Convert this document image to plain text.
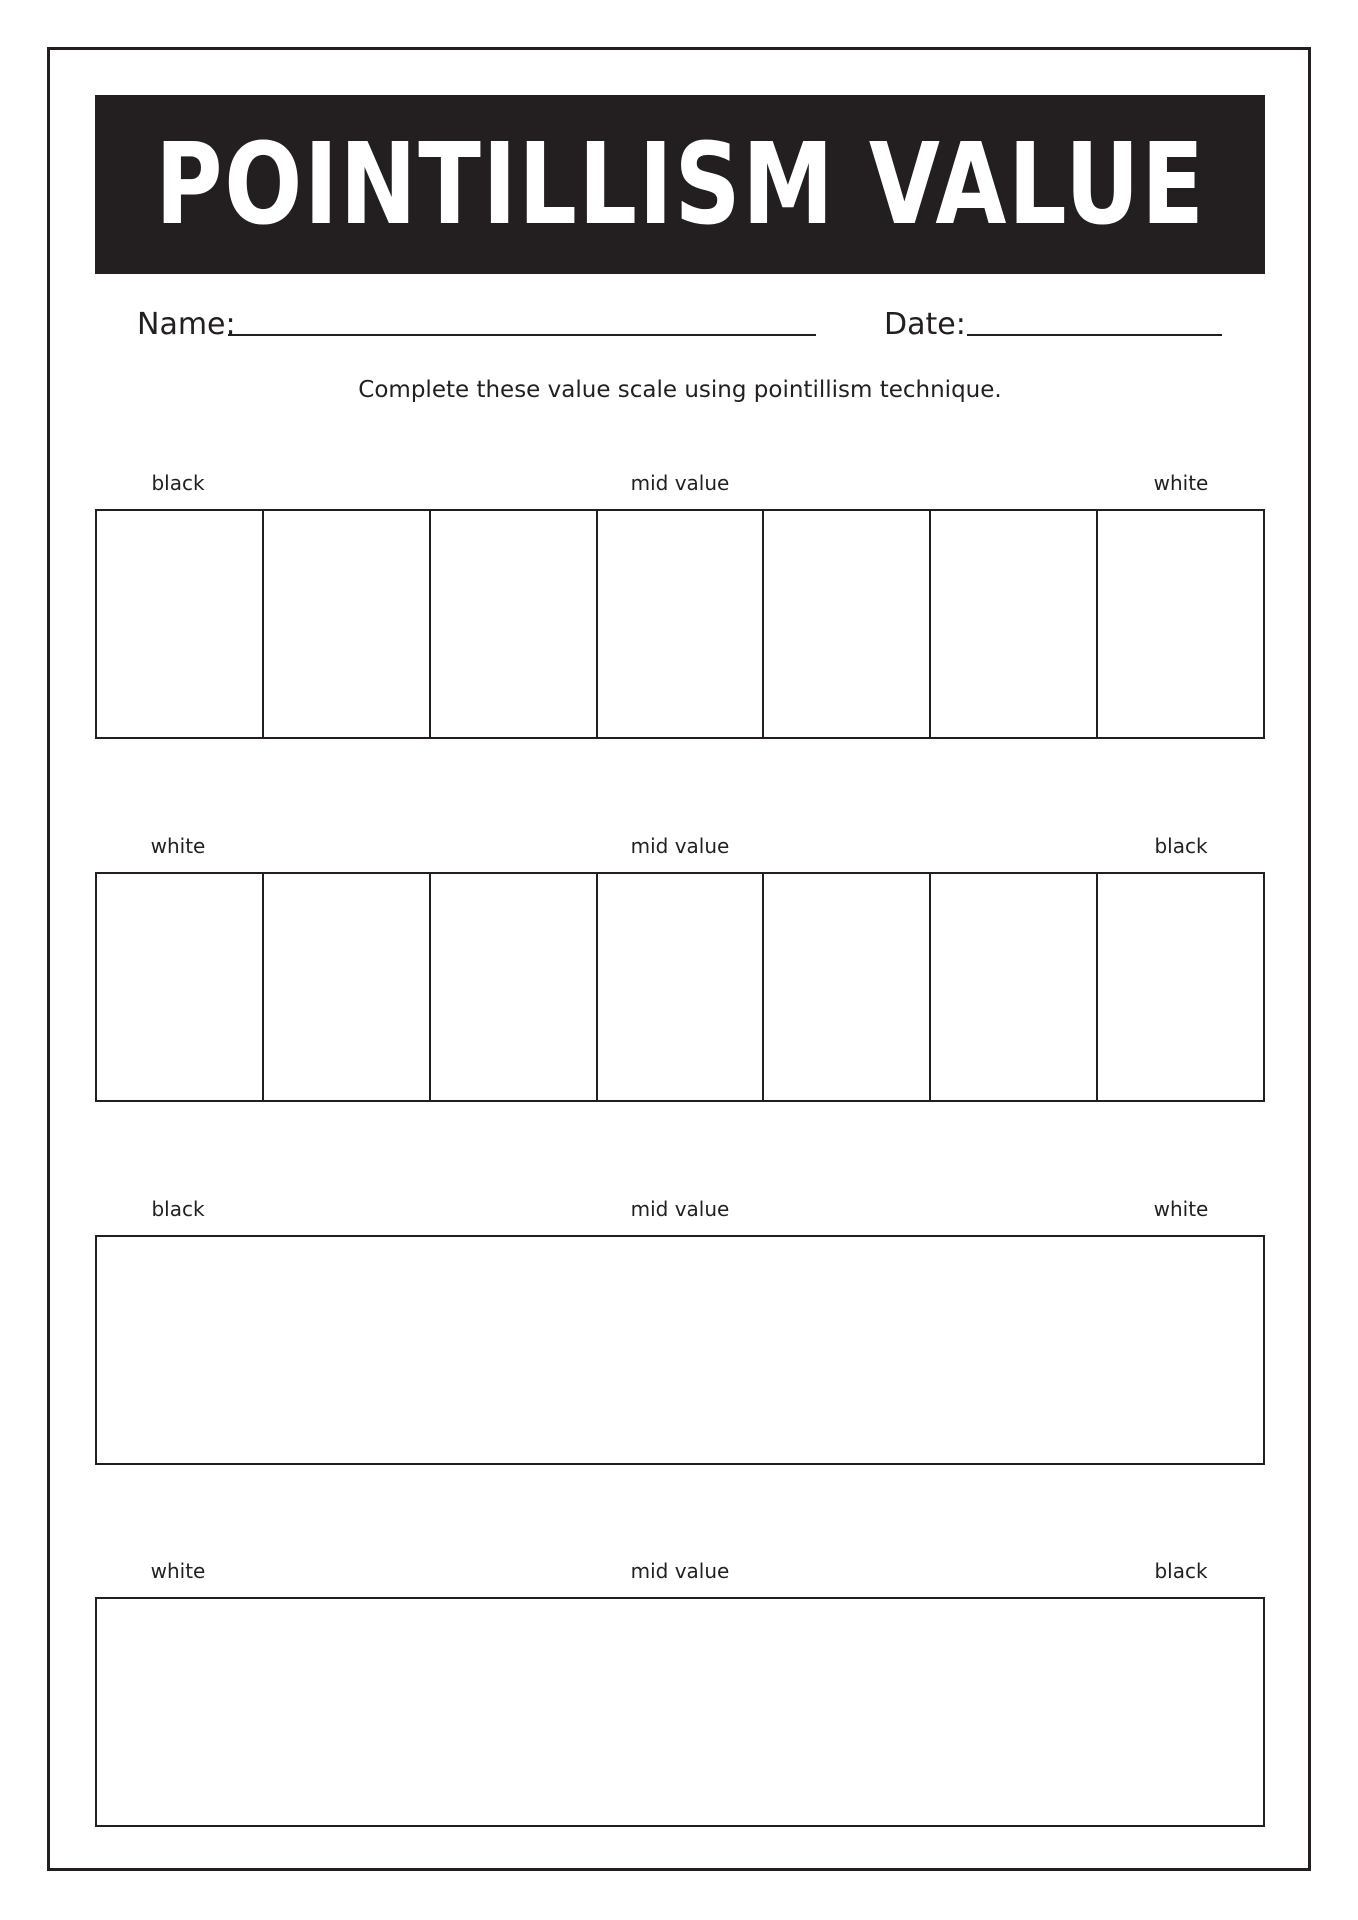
POINTILLISM VALUE
Name:	Date:
Complete these value scale using pointillism technique.
black	mid value	white
white	mid value	black
black	mid value	white
white	mid value	black
